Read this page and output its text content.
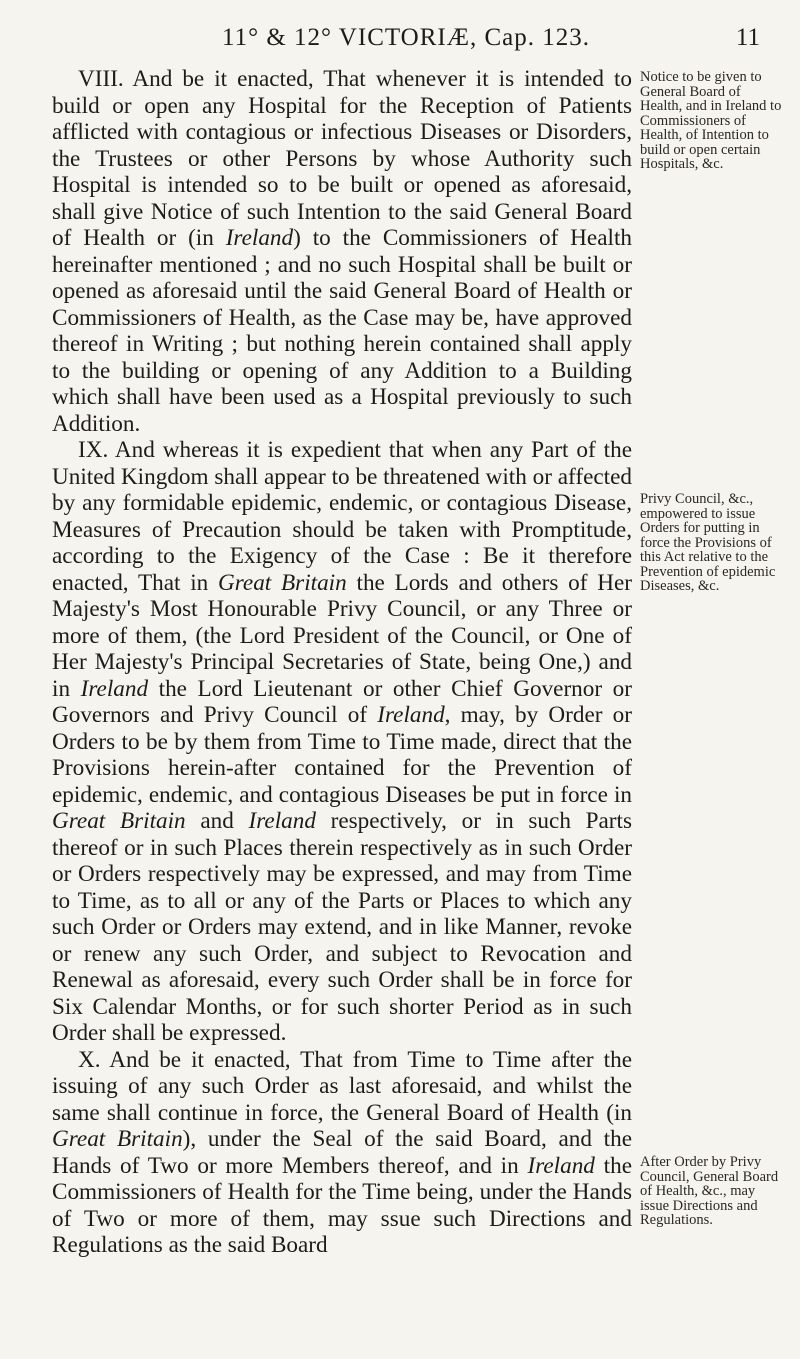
11° & 12° VICTORIÆ, Cap. 123.	11

VIII. And be it enacted, That whenever it is intended to build or open any Hospital for the Reception of Patients afflicted with contagious or infectious Diseases or Disorders, the Trustees or other Persons by whose Authority such Hospital is intended so to be built or opened as aforesaid, shall give Notice of such Intention to the said General Board of Health or (in Ireland) to the Commissioners of Health hereinafter mentioned ; and no such Hospital shall be built or opened as aforesaid until the said General Board of Health or Commissioners of Health, as the Case may be, have approved thereof in Writing ; but nothing herein contained shall apply to the building or opening of any Addition to a Building which shall have been used as a Hospital previously to such Addition.

IX. And whereas it is expedient that when any Part of the United Kingdom shall appear to be threatened with or affected by any formidable epidemic, endemic, or contagious Disease, Measures of Precaution should be taken with Promptitude, according to the Exigency of the Case : Be it therefore enacted, That in Great Britain the Lords and others of Her Majesty's Most Honourable Privy Council, or any Three or more of them, (the Lord President of the Council, or One of Her Majesty's Principal Secretaries of State, being One,) and in Ireland the Lord Lieutenant or other Chief Governor or Governors and Privy Council of Ireland, may, by Order or Orders to be by them from Time to Time made, direct that the Provisions herein-after contained for the Prevention of epidemic, endemic, and contagious Diseases be put in force in Great Britain and Ireland respectively, or in such Parts thereof or in such Places therein respectively as in such Order or Orders respectively may be expressed, and may from Time to Time, as to all or any of the Parts or Places to which any such Order or Orders may extend, and in like Manner, revoke or renew any such Order, and subject to Revocation and Renewal as aforesaid, every such Order shall be in force for Six Calendar Months, or for such shorter Period as in such Order shall be expressed.

X. And be it enacted, That from Time to Time after the issuing of any such Order as last aforesaid, and whilst the same shall continue in force, the General Board of Health (in Great Britain), under the Seal of the said Board, and the Hands of Two or more Members thereof, and in Ireland the Commissioners of Health for the Time being, under the Hands of Two or more of them, may ssue such Directions and Regulations as the said Board

Notice to be given to General Board of Health, and in Ireland to Commissioners of Health, of Intention to build or open certain Hospitals, &c.
Privy Council, &c., empowered to issue Orders for putting in force the Provisions of this Act relative to the Prevention of epidemic Diseases, &c.
After Order by Privy Council, General Board of Health, &c., may issue Directions and Regulations.
